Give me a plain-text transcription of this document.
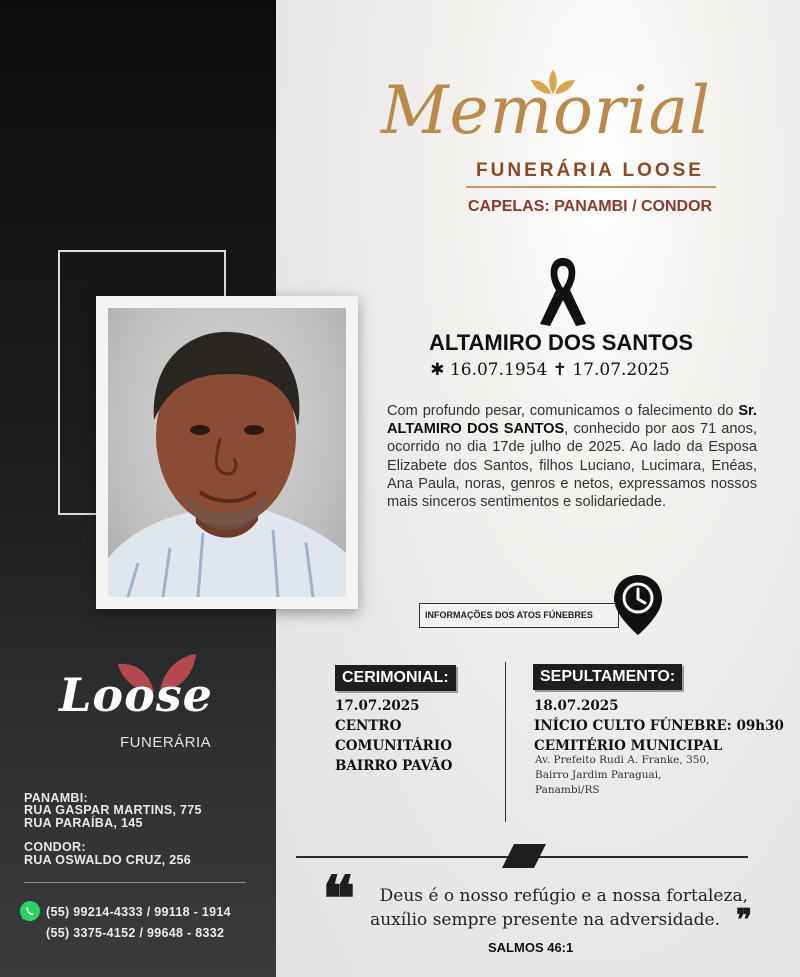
Memorial
FUNERÁRIA LOOSE
CAPELAS: PANAMBI / CONDOR
ALTAMIRO DOS SANTOS
✱ 16.07.1954 ✝ 17.07.2025
Com profundo pesar, comunicamos o falecimento do Sr. ALTAMIRO DOS SANTOS, conhecido por aos 71 anos, ocorrido no dia 17de julho de 2025. Ao lado da Esposa Elizabete dos Santos, filhos Luciano, Lucimara, Enéas, Ana Paula, noras, genros e netos, expressamos nossos mais sinceros sentimentos e solidariedade.
INFORMAÇÕES DOS ATOS FÚNEBRES
CERIMONIAL:
17.07.2025
CENTRO
COMUNITÁRIO
BAIRRO PAVÃO
SEPULTAMENTO:
18.07.2025
INÍCIO CULTO FÚNEBRE: 09h30
CEMITÉRIO MUNICIPAL
Av. Prefeito Rudi A. Franke, 350,
Bairro Jardim Paraguai,
Panambi/RS
❝	Deus é o nosso refúgio e a nossa fortaleza,
auxílio sempre presente na adversidade. ❞
SALMOS 46:1
Loose
FUNERÁRIA
PANAMBI:
RUA GASPAR MARTINS, 775
RUA PARAÍBA, 145
CONDOR:
RUA OSWALDO CRUZ, 256
(55) 99214-4333 / 99118 - 1914
(55) 3375-4152 / 99648 - 8332
